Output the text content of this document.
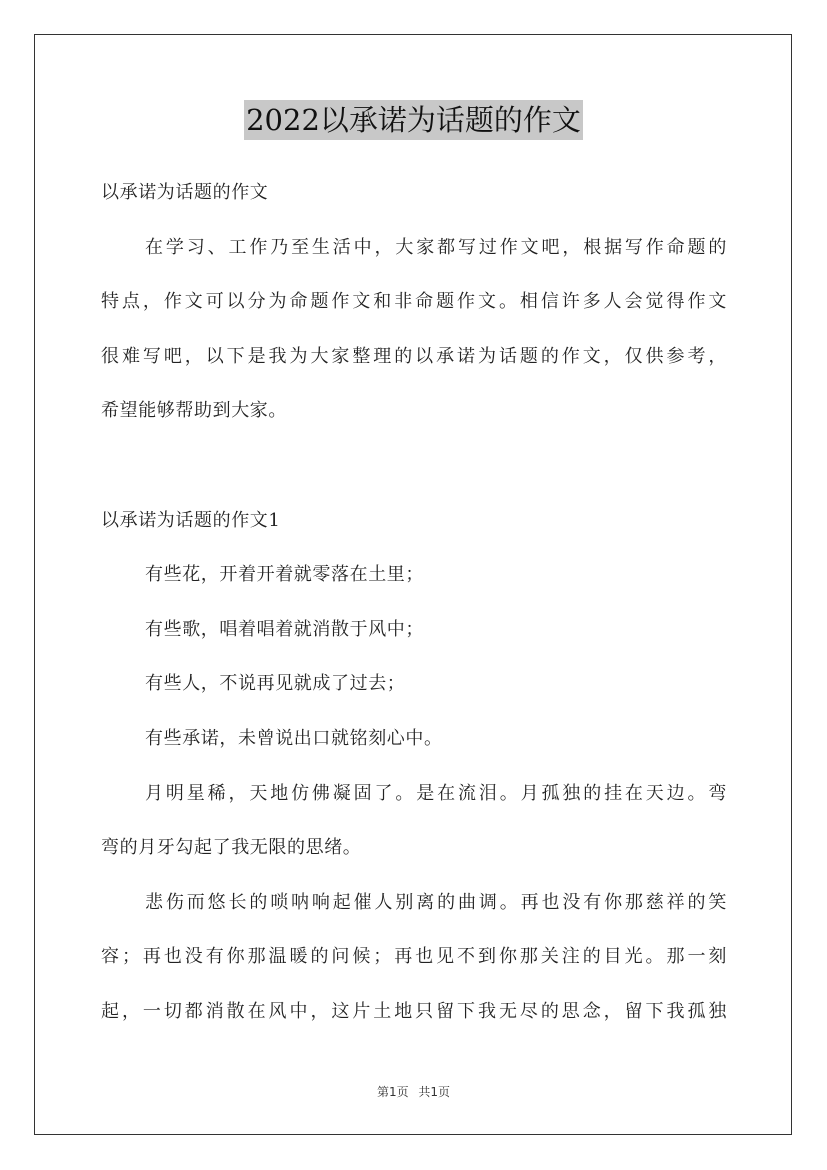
2022以承诺为话题的作文
以承诺为话题的作文
在学习、工作乃至生活中，大家都写过作文吧，根据写作命题的
特点，作文可以分为命题作文和非命题作文。相信许多人会觉得作文
很难写吧，以下是我为大家整理的以承诺为话题的作文，仅供参考，
希望能够帮助到大家。
以承诺为话题的作文1
有些花，开着开着就零落在土里；
有些歌，唱着唱着就消散于风中；
有些人，不说再见就成了过去；
有些承诺，未曾说出口就铭刻心中。
月明星稀，天地仿佛凝固了。是在流泪。月孤独的挂在天边。弯
弯的月牙勾起了我无限的思绪。
悲伤而悠长的唢呐响起催人别离的曲调。再也没有你那慈祥的笑
容；再也没有你那温暖的问候；再也见不到你那关注的目光。那一刻
起，一切都消散在风中，这片土地只留下我无尽的思念，留下我孤独
第1页 共1页
